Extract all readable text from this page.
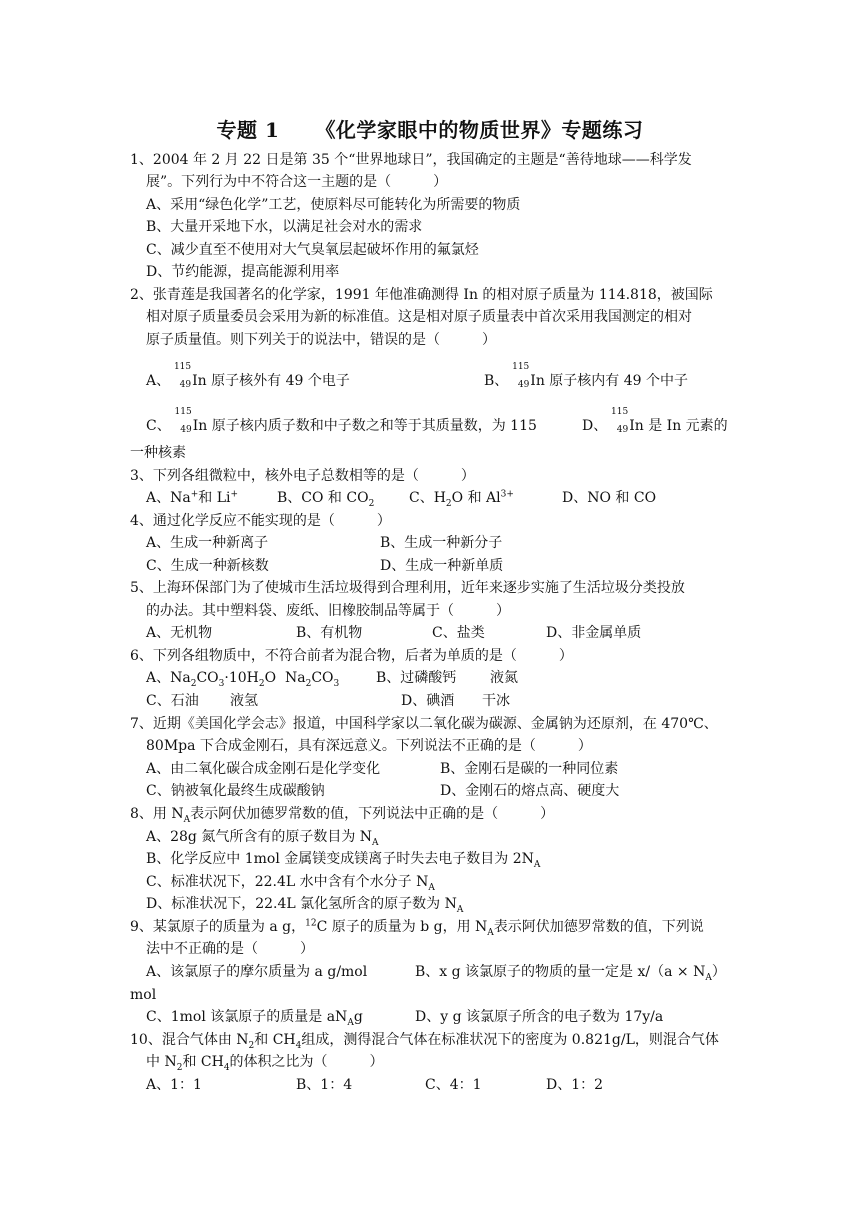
专题 1 《化学家眼中的物质世界》专题练习
1、2004 年 2 月 22 日是第 35 个“世界地球日”，我国确定的主题是“善待地球——科学发
展”。下列行为中不符合这一主题的是（　　　）
A、采用“绿色化学”工艺，使原料尽可能转化为所需要的物质
B、大量开采地下水，以满足社会对水的需求
C、减少直至不使用对大气臭氧层起破坏作用的氟氯烃
D、节约能源，提高能源利用率
2、张青莲是我国著名的化学家，1991 年他准确测得 In 的相对原子质量为 114.818，被国际
相对原子质量委员会采用为新的标准值。这是相对原子质量表中首次采用我国测定的相对
原子质量值。则下列关于的说法中，错误的是（　　　）
A、
115
49 In 原子核外有 49 个电子	B、
115
49 In 原子核内有 49 个中子
C、
115
49 In 原子核内质子数和中子数之和等于其质量数，为 115	D、
115
49 In 是 In 元素的
一种核素
3、下列各组微粒中，核外电子总数相等的是（　　　）
A、Na+和 Li+	B、CO 和 $CO_2$ C、$H_2O$ 和 $Al^{3+}$	D、NO 和 CO
4、通过化学反应不能实现的是（　　　）
A、生成一种新离子	B、生成一种新分子
C、生成一种新核数	D、生成一种新单质
5、上海环保部门为了使城市生活垃圾得到合理利用，近年来逐步实施了生活垃圾分类投放
的办法。其中塑料袋、废纸、旧橡胶制品等属于（　　　）
A、无机物	B、有机物	C、盐类	D、非金属单质
6、下列各组物质中，不符合前者为混合物，后者为单质的是（　　　）
A、$Na_2CO_3\cdot 10H_2O$ $Na_2CO_3$	B、过磷酸钙 液氮
C、石油 液氢	D、碘酒 干冰
7、近期《美国化学会志》报道，中国科学家以二氧化碳为碳源、金属钠为还原剂，在 470℃、
80Mpa 下合成金刚石，具有深远意义。下列说法不正确的是（　　　）
A、由二氧化碳合成金刚石是化学变化	B、金刚石是碳的一种同位素
C、钠被氧化最终生成碳酸钠	D、金刚石的熔点高、硬度大
8、用 $N_A$表示阿伏加德罗常数的值，下列说法中正确的是（　　　）
A、28g 氮气所含有的原子数目为 $N_A$
B、化学反应中 1mol 金属镁变成镁离子时失去电子数目为 $2N_A$
C、标准状况下，22.4L 水中含有个水分子 $N_A$
D、标准状况下，22.4L 氯化氢所含的原子数为 $N_A$
9、某氯原子的质量为 a g，$^{12}$C 原子的质量为 b g，用 $N_A$表示阿伏加德罗常数的值，下列说
法中不正确的是（　　　）
A、该氯原子的摩尔质量为 a g/mol	B、x g 该氯原子的物质的量一定是 $x/(a \times N_A)$
mol
C、1mol 该氯原子的质量是 $aN_Ag$	D、y g 该氯原子所含的电子数为 17y/a
10、混合气体由 $N_2$和 $CH_4$组成，测得混合气体在标准状况下的密度为 0.821g/L，则混合气体
中 $N_2$和 $CH_4$的体积之比为（　　　）
A、1：1	B、1：4	C、4：1	D、1：2
